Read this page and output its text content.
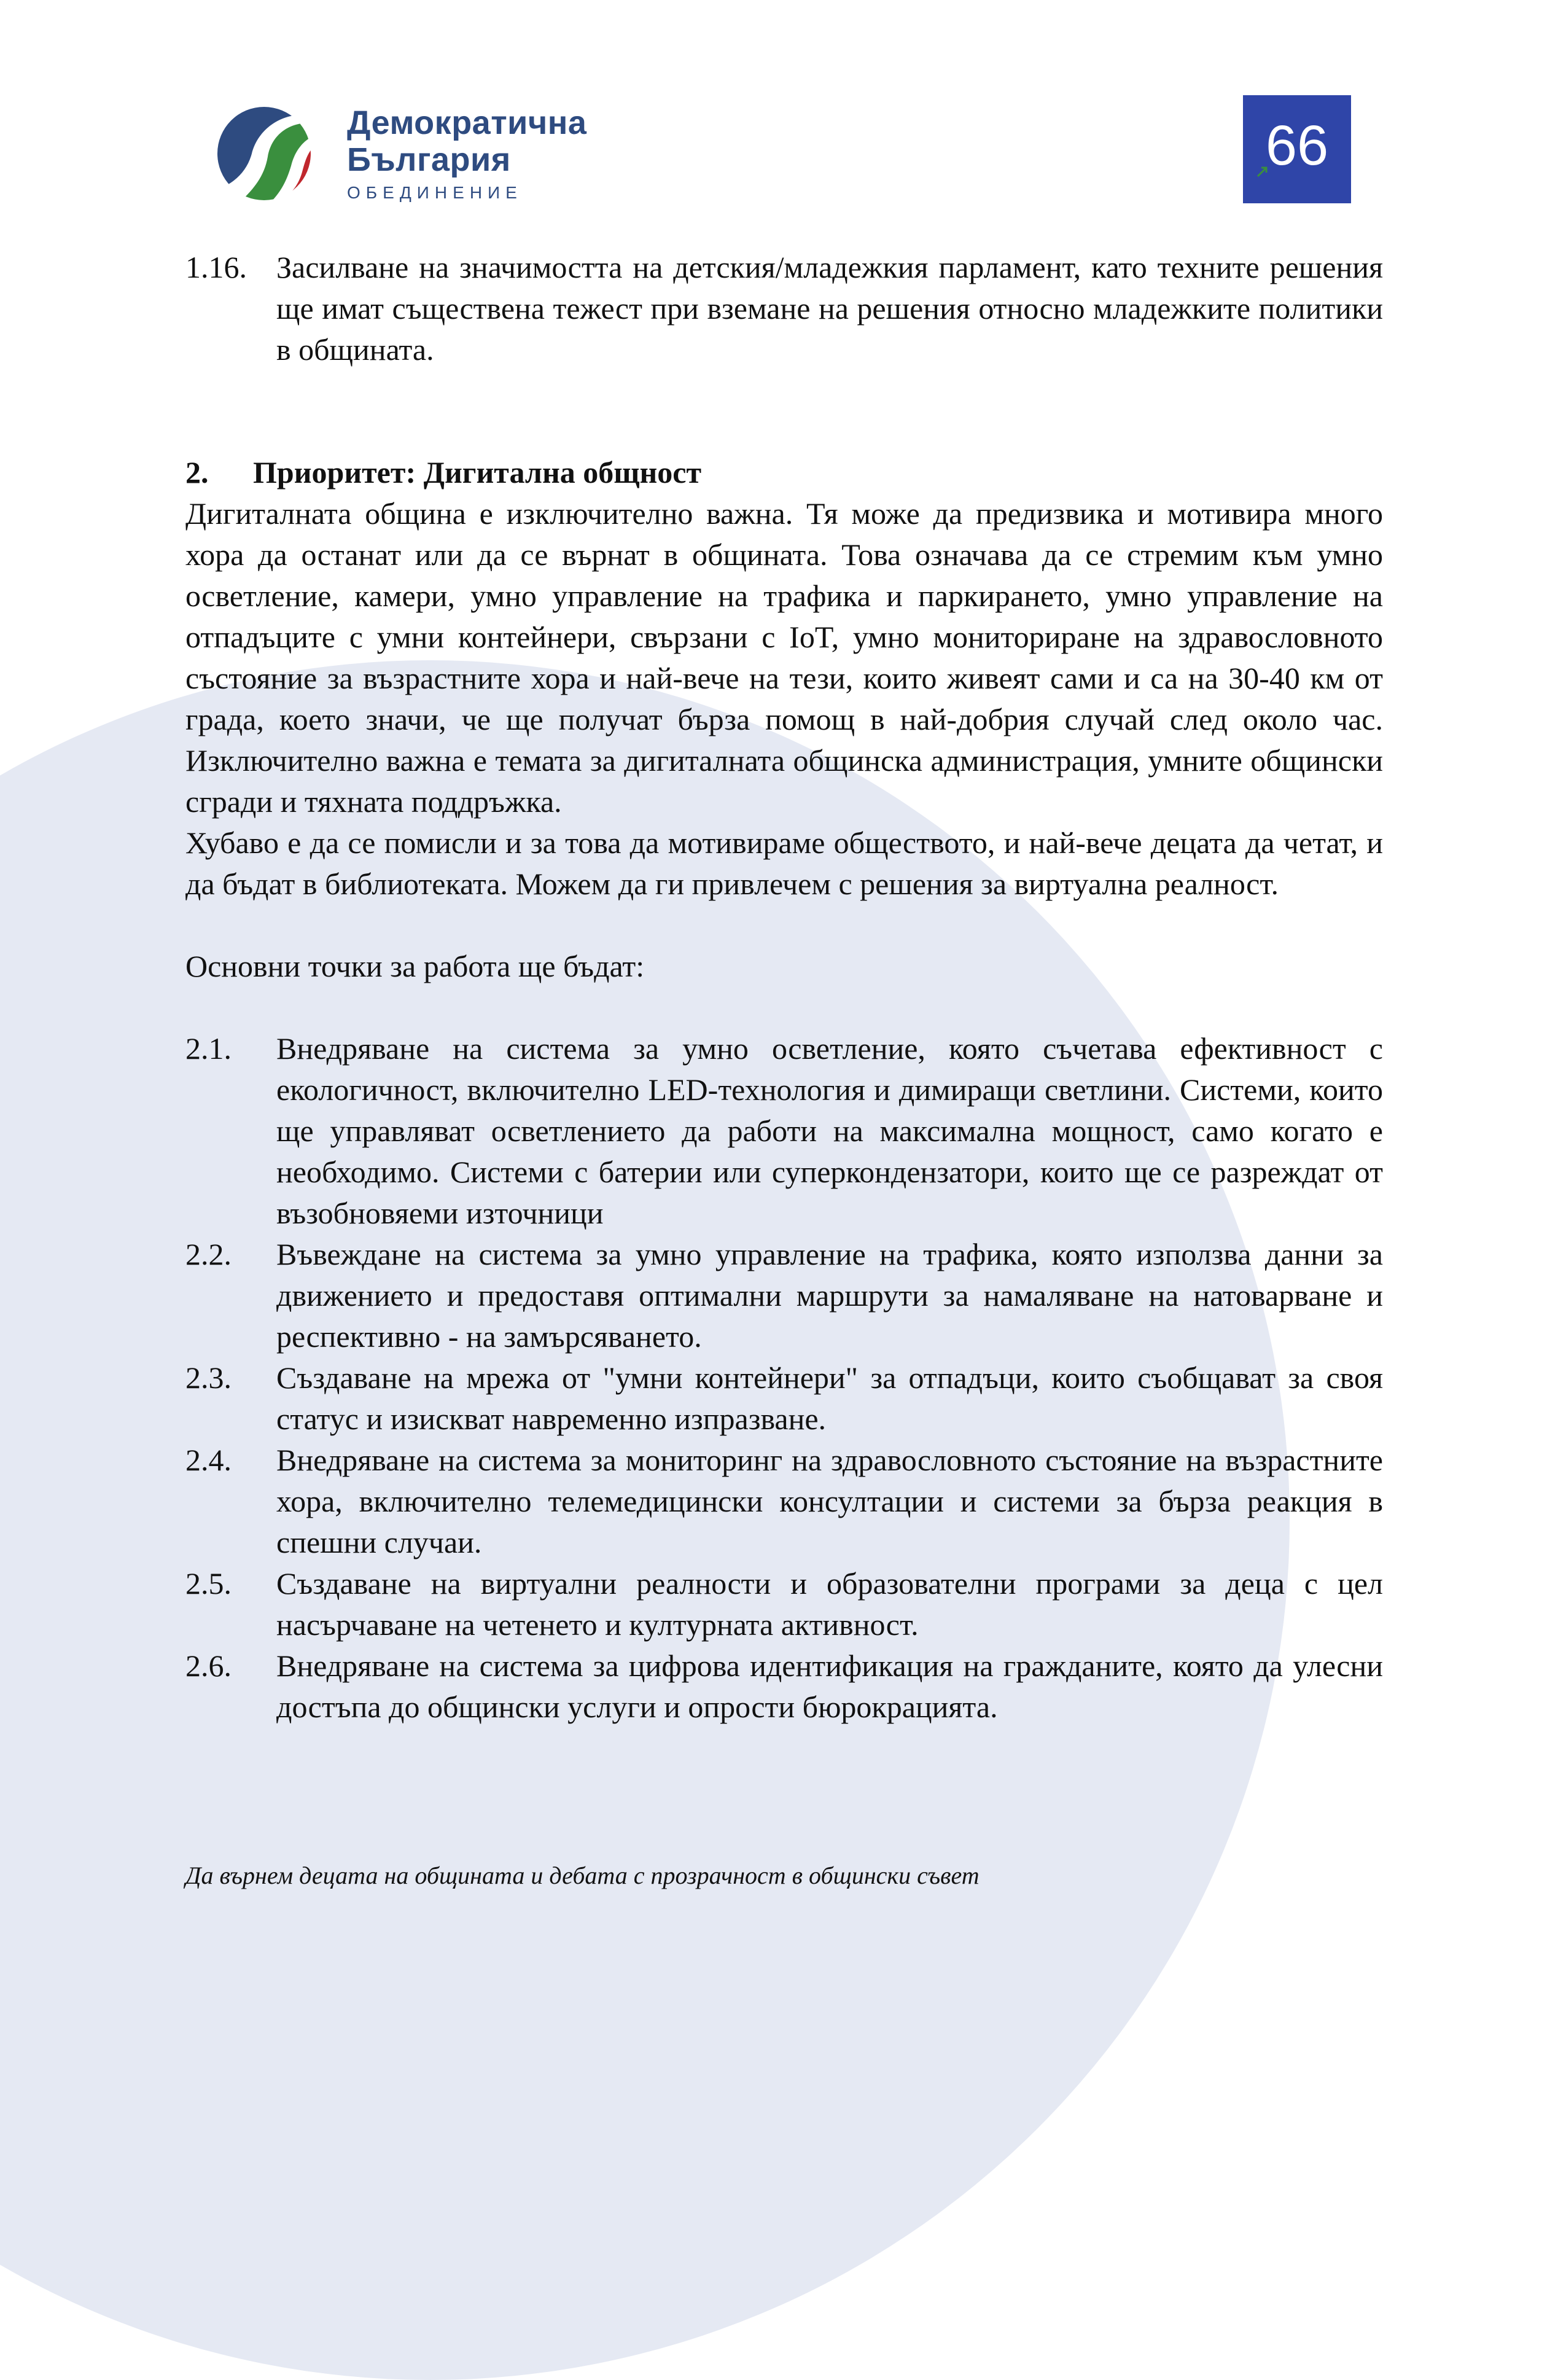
Демократична
България
ОБЕДИНЕНИЕ
66
1.16. Засилване на значимостта на детския/младежкия парламент, като техните решения ще имат съществена тежест при вземане на решения относно младежките политики в общината.
2.	Приоритет: Дигитална общност

Дигиталната община е изключително важна. Тя може да предизвика и мотивира много хора да останат или да се върнат в общината. Това означава да се стремим към умно осветление, камери, умно управление на трафика и паркирането, умно управление на отпадъците с умни контейнери, свързани с IoT, умно мониториране на здравословното състояние за възрастните хора и най-вече на тези, които живеят сами и са на 30-40 км от града, което значи, че ще получат бърза помощ в най-добрия случай след около час. Изключително важна е темата за дигиталната общинска администрация, умните общински сгради и тяхната поддръжка.

Хубаво е да се помисли и за това да мотивираме обществото, и най-вече децата да четат, и да бъдат в библиотеката. Можем да ги привлечем с решения за виртуална реалност.

Основни точки за работа ще бъдат:

2.1.	Внедряване на система за умно осветление, която съчетава ефективност с екологичност, включително LED-технология и димиращи светлини. Системи, които ще управляват осветлението да работи на максимална мощност, само когато е необходимо. Системи с батерии или суперкондензатори, които ще се разреждат от възобновяеми източници
2.2.	Въвеждане на система за умно управление на трафика, която използва данни за движението и предоставя оптимални маршрути за намаляване на натоварване и респективно - на замърсяването.
2.3.	Създаване на мрежа от "умни контейнери" за отпадъци, които съобщават за своя статус и изискват навременно изпразване.
2.4.	Внедряване на система за мониторинг на здравословното състояние на възрастните хора, включително телемедицински консултации и системи за бърза реакция в спешни случаи.
2.5.	Създаване на виртуални реалности и образователни програми за деца с цел насърчаване на четенето и културната активност.
2.6.	Внедряване на система за цифрова идентификация на гражданите, която да улесни достъпа до общински услуги и опрости бюрокрацията.
Да върнем децата на общината и дебата с прозрачност в общински съвет
